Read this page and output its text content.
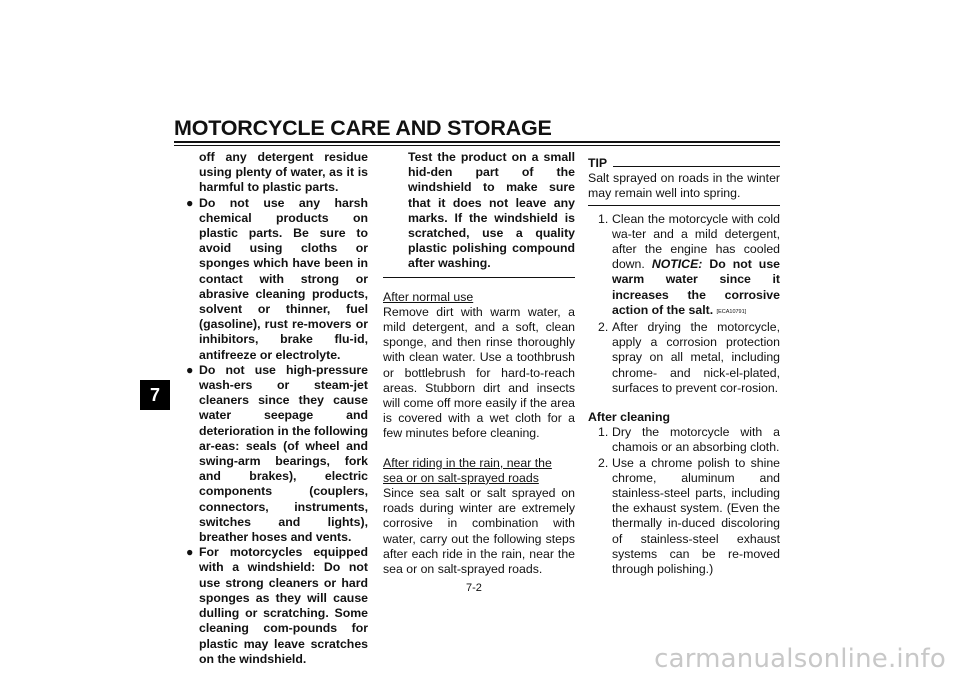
MOTORCYCLE CARE AND STORAGE
7

off any detergent residue using plenty of water, as it is harmful to plastic parts.

● Do not use any harsh chemical products on plastic parts. Be sure to avoid using cloths or sponges which have been in contact with strong or abrasive cleaning products, solvent or thinner, fuel (gasoline), rust re-movers or inhibitors, brake flu-id, antifreeze or electrolyte.
● Do not use high-pressure wash-ers or steam-jet cleaners since they cause water seepage and deterioration in the following ar-eas: seals (of wheel and swing-arm bearings, fork and brakes), electric components (couplers, connectors, instruments, switches and lights), breather hoses and vents.
● For motorcycles equipped with a windshield: Do not use strong cleaners or hard sponges as they will cause dulling or scratching. Some cleaning com-pounds for plastic may leave scratches on the windshield.

Test the product on a small hid-den part of the windshield to make sure that it does not leave any marks. If the windshield is scratched, use a quality plastic polishing compound after washing.

After normal use

Remove dirt with warm water, a mild detergent, and a soft, clean sponge, and then rinse thoroughly with clean water. Use a toothbrush or bottlebrush for hard-to-reach areas. Stubborn dirt and insects will come off more easily if the area is covered with a wet cloth for a few minutes before cleaning.

After riding in the rain, near the sea or on salt-sprayed roads

Since sea salt or salt sprayed on roads during winter are extremely corrosive in combination with water, carry out the following steps after each ride in the rain, near the sea or on salt-sprayed roads.

TIP

Salt sprayed on roads in the winter may remain well into spring.

1. Clean the motorcycle with cold wa-ter and a mild detergent, after the engine has cooled down. NOTICE: Do not use warm water since it increases the corrosive action of the salt. [ECA10791]
2. After drying the motorcycle, apply a corrosion protection spray on all metal, including chrome- and nick-el-plated, surfaces to prevent cor-rosion.

After cleaning

1. Dry the motorcycle with a chamois or an absorbing cloth.
2. Use a chrome polish to shine chrome, aluminum and stainless-steel parts, including the exhaust system. (Even the thermally in-duced discoloring of stainless-steel exhaust systems can be re-moved through polishing.)
7-2
carmanualsonline.info
